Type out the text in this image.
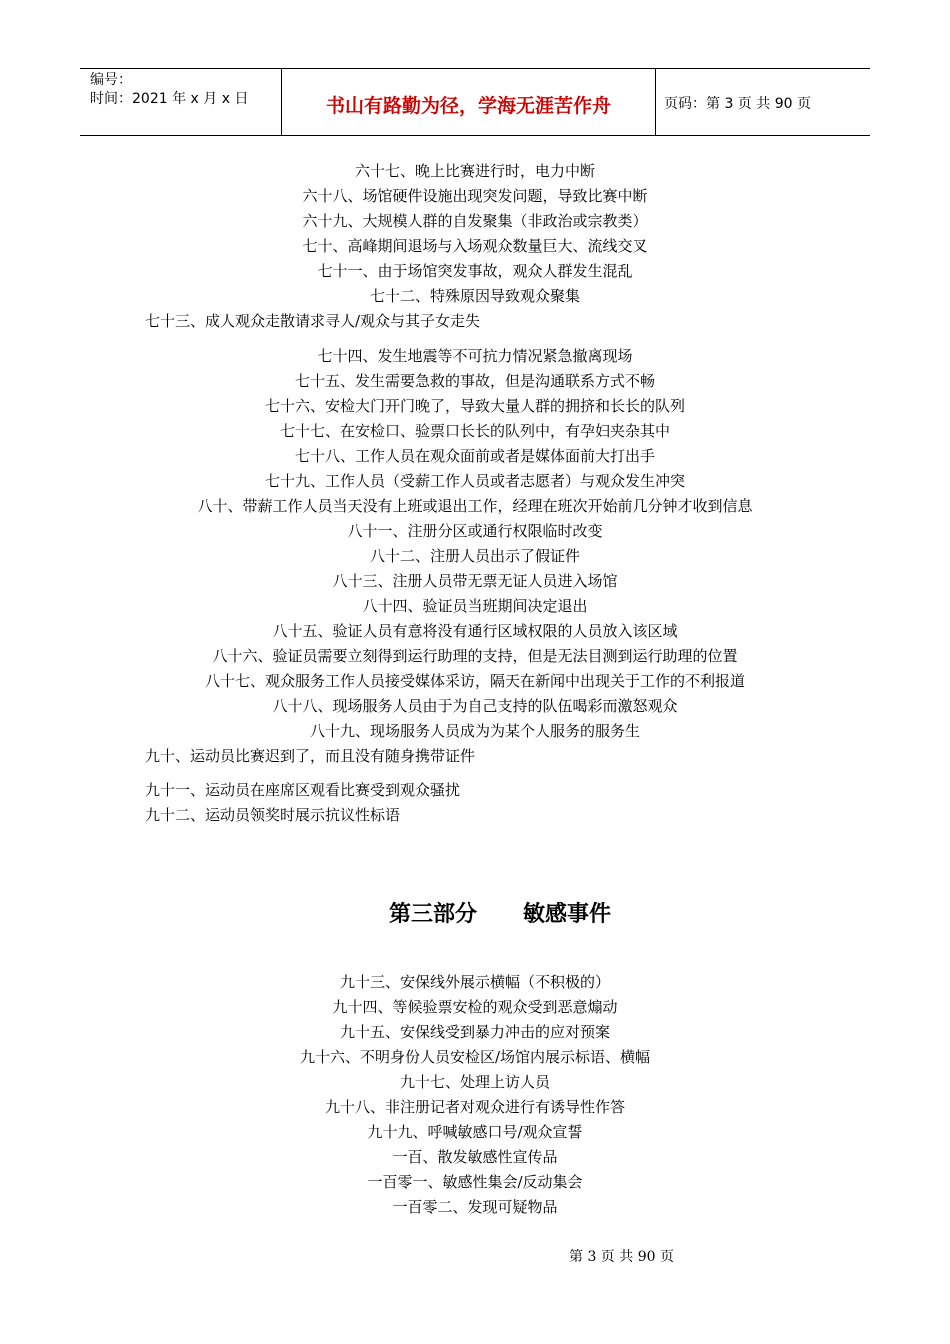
编号：
时间：2021 年 x 月 x 日	书山有路勤为径，学海无涯苦作舟	页码：第 3 页 共 90 页
六十七、晚上比赛进行时，电力中断
六十八、场馆硬件设施出现突发问题，导致比赛中断
六十九、大规模人群的自发聚集（非政治或宗教类）
七十、高峰期间退场与入场观众数量巨大、流线交叉
七十一、由于场馆突发事故，观众人群发生混乱
七十二、特殊原因导致观众聚集
七十三、成人观众走散请求寻人/观众与其子女走失
七十四、发生地震等不可抗力情况紧急撤离现场
七十五、发生需要急救的事故，但是沟通联系方式不畅
七十六、安检大门开门晚了，导致大量人群的拥挤和长长的队列
七十七、在安检口、验票口长长的队列中，有孕妇夹杂其中
七十八、工作人员在观众面前或者是媒体面前大打出手
七十九、工作人员（受薪工作人员或者志愿者）与观众发生冲突
八十、带薪工作人员当天没有上班或退出工作，经理在班次开始前几分钟才收到信息
八十一、注册分区或通行权限临时改变
八十二、注册人员出示了假证件
八十三、注册人员带无票无证人员进入场馆
八十四、验证员当班期间决定退出
八十五、验证人员有意将没有通行区域权限的人员放入该区域
八十六、验证员需要立刻得到运行助理的支持，但是无法目测到运行助理的位置
八十七、观众服务工作人员接受媒体采访，隔天在新闻中出现关于工作的不利报道
八十八、现场服务人员由于为自己支持的队伍喝彩而激怒观众
八十九、现场服务人员成为为某个人服务的服务生
九十、运动员比赛迟到了，而且没有随身携带证件
九十一、运动员在座席区观看比赛受到观众骚扰
九十二、运动员领奖时展示抗议性标语
第三部分      敏感事件
九十三、安保线外展示横幅（不积极的）
九十四、等候验票安检的观众受到恶意煽动
九十五、安保线受到暴力冲击的应对预案
九十六、不明身份人员安检区/场馆内展示标语、横幅
九十七、处理上访人员
九十八、非注册记者对观众进行有诱导性作答
九十九、呼喊敏感口号/观众宣誓
一百、散发敏感性宣传品
一百零一、敏感性集会/反动集会
一百零二、发现可疑物品
第 3 页 共 90 页
